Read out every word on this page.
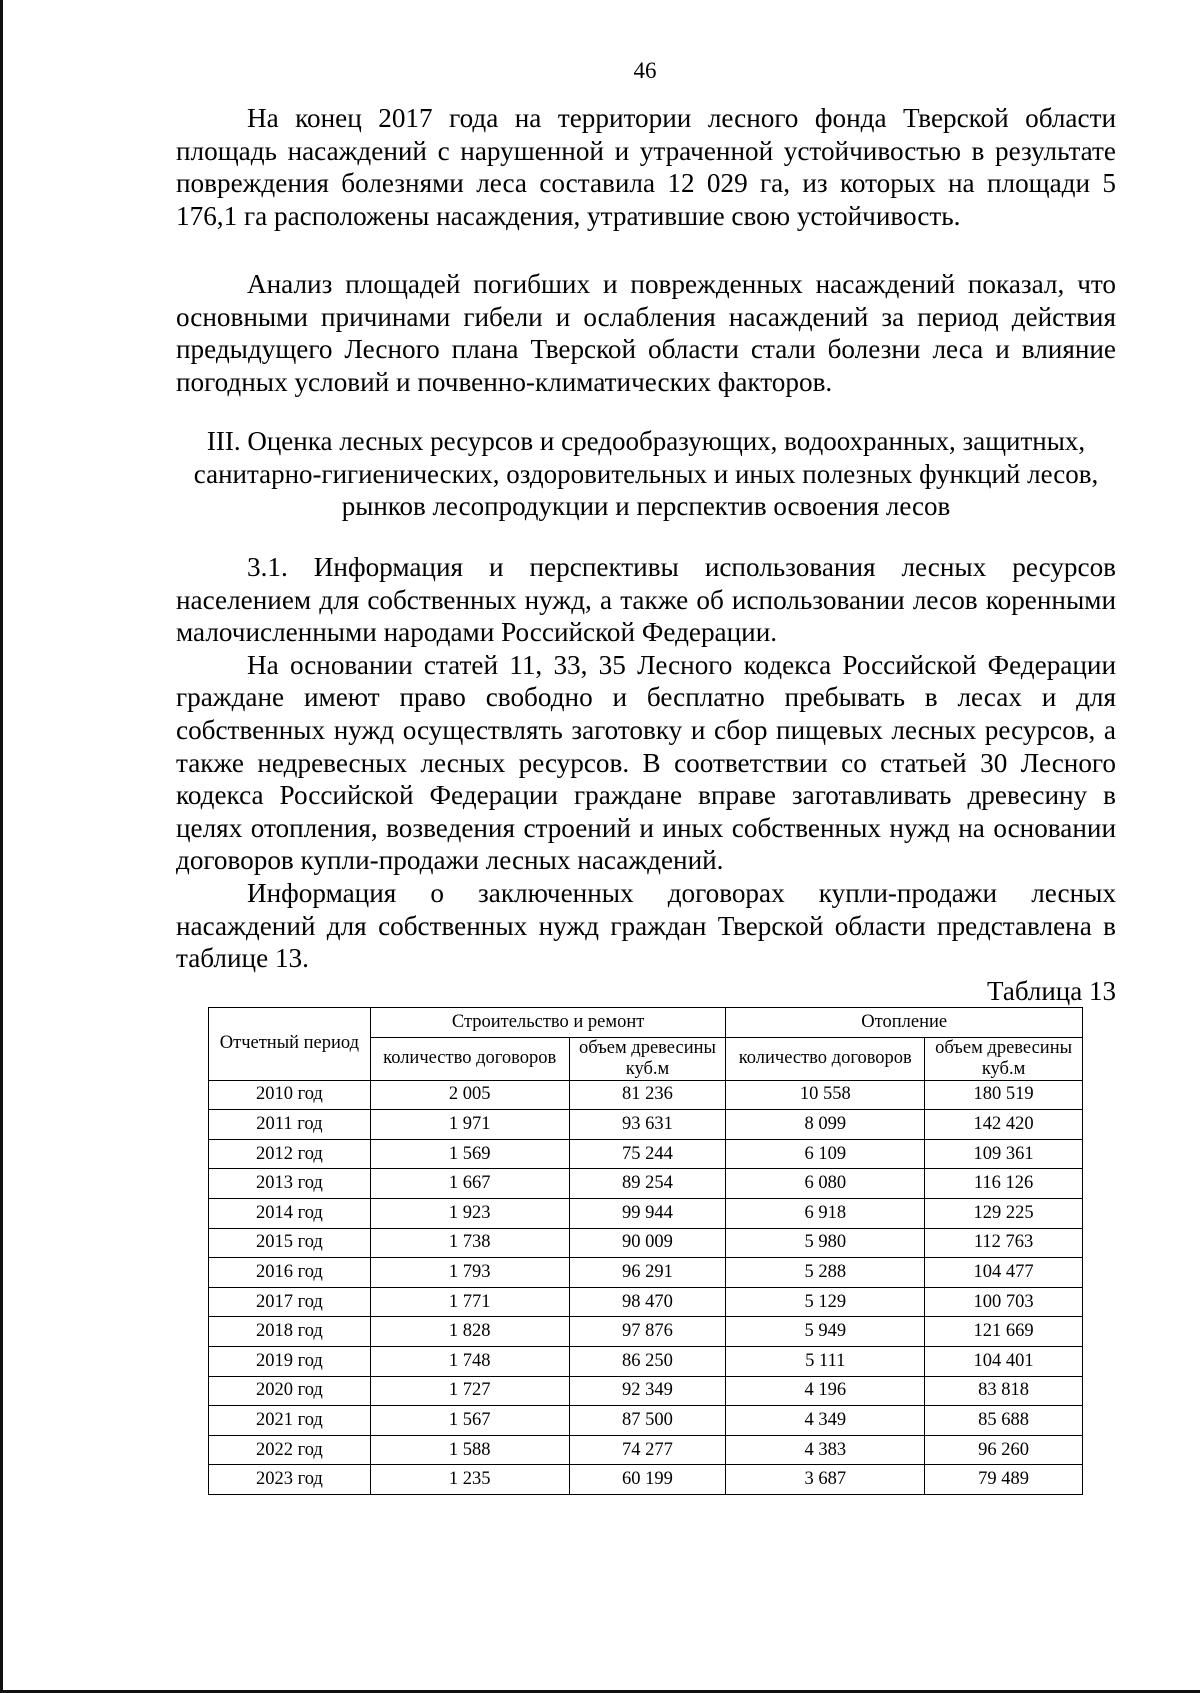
46

На конец 2017 года на территории лесного фонда Тверской области площадь насаждений с нарушенной и утраченной устойчивостью в результате повреждения болезнями леса составила 12 029 га, из которых на площади 5 176,1 га расположены насаждения, утратившие свою устойчивость.

Анализ площадей погибших и поврежденных насаждений показал, что основными причинами гибели и ослабления насаждений за период действия предыдущего Лесного плана Тверской области стали болезни леса и влияние погодных условий и почвенно-климатических факторов.

III. Оценка лесных ресурсов и средообразующих, водоохранных, защитных, санитарно-гигиенических, оздоровительных и иных полезных функций лесов, рынков лесопродукции и перспектив освоения лесов

3.1. Информация и перспективы использования лесных ресурсов населением для собственных нужд, а также об использовании лесов коренными малочисленными народами Российской Федерации.

На основании статей 11, 33, 35 Лесного кодекса Российской Федерации граждане имеют право свободно и бесплатно пребывать в лесах и для собственных нужд осуществлять заготовку и сбор пищевых лесных ресурсов, а также недревесных лесных ресурсов. В соответствии со статьей 30 Лесного кодекса Российской Федерации граждане вправе заготавливать древесину в целях отопления, возведения строений и иных собственных нужд на основании договоров купли-продажи лесных насаждений.

Информация о заключенных договорах купли-продажи лесных насаждений для собственных нужд граждан Тверской области представлена в таблице 13.

Таблица 13
Отчетный период	Строительство и ремонт		Отопление	
	количество договоров	объем древесины куб.м	количество договоров	объем древесины куб.м
2010 год	2 005	81 236	10 558	180 519
2011 год	1 971	93 631	8 099	142 420
2012 год	1 569	75 244	6 109	109 361
2013 год	1 667	89 254	6 080	116 126
2014 год	1 923	99 944	6 918	129 225
2015 год	1 738	90 009	5 980	112 763
2016 год	1 793	96 291	5 288	104 477
2017 год	1 771	98 470	5 129	100 703
2018 год	1 828	97 876	5 949	121 669
2019 год	1 748	86 250	5 111	104 401
2020 год	1 727	92 349	4 196	83 818
2021 год	1 567	87 500	4 349	85 688
2022 год	1 588	74 277	4 383	96 260
2023 год	1 235	60 199	3 687	79 489
